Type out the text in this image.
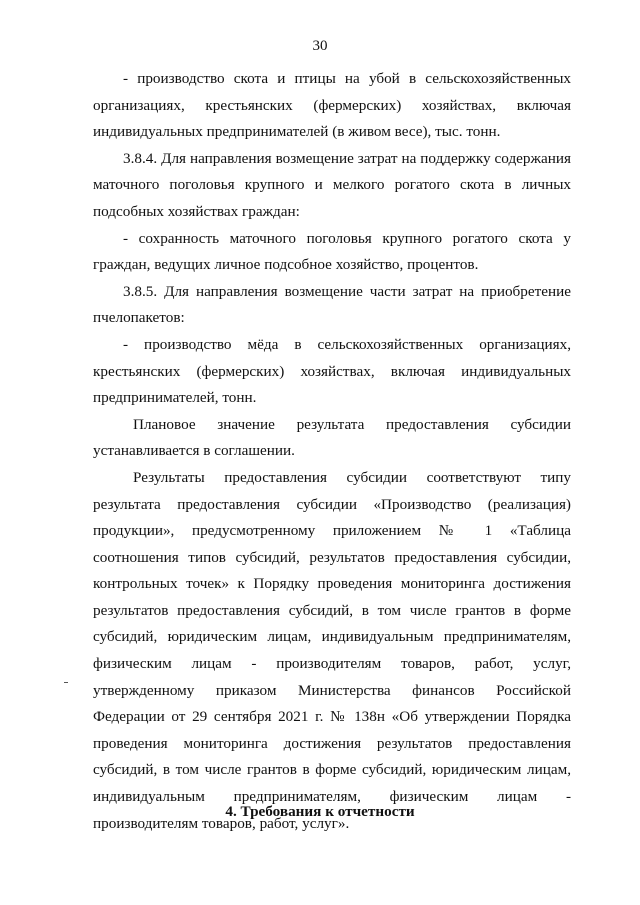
30

- производство скота и птицы на убой в сельскохозяйственных организациях, крестьянских (фермерских) хозяйствах, включая индивидуальных предпринимателей (в живом весе), тыс. тонн.

3.8.4. Для направления возмещение затрат на поддержку содержания маточного поголовья крупного и мелкого рогатого скота в личных подсобных хозяйствах граждан:

- сохранность маточного поголовья крупного рогатого скота у граждан, ведущих личное подсобное хозяйство, процентов.

3.8.5. Для направления возмещение части затрат на приобретение пчелопакетов:

- производство мёда в сельскохозяйственных организациях, крестьянских (фермерских) хозяйствах, включая индивидуальных предпринимателей, тонн.

Плановое значение результата предоставления субсидии устанавливается в соглашении.

Результаты предоставления субсидии соответствуют типу результата предоставления субсидии «Производство (реализация) продукции», предусмотренному приложением № 1 «Таблица соотношения типов субсидий, результатов предоставления субсидии, контрольных точек» к Порядку проведения мониторинга достижения результатов предоставления субсидий, в том числе грантов в форме субсидий, юридическим лицам, индивидуальным предпринимателям, физическим лицам - производителям товаров, работ, услуг, утвержденному приказом Министерства финансов Российской Федерации от 29 сентября 2021 г. № 138н «Об утверждении Порядка проведения мониторинга достижения результатов предоставления субсидий, в том числе грантов в форме субсидий, юридическим лицам, индивидуальным предпринимателям, физическим лицам - производителям товаров, работ, услуг».

4. Требования к отчетности
